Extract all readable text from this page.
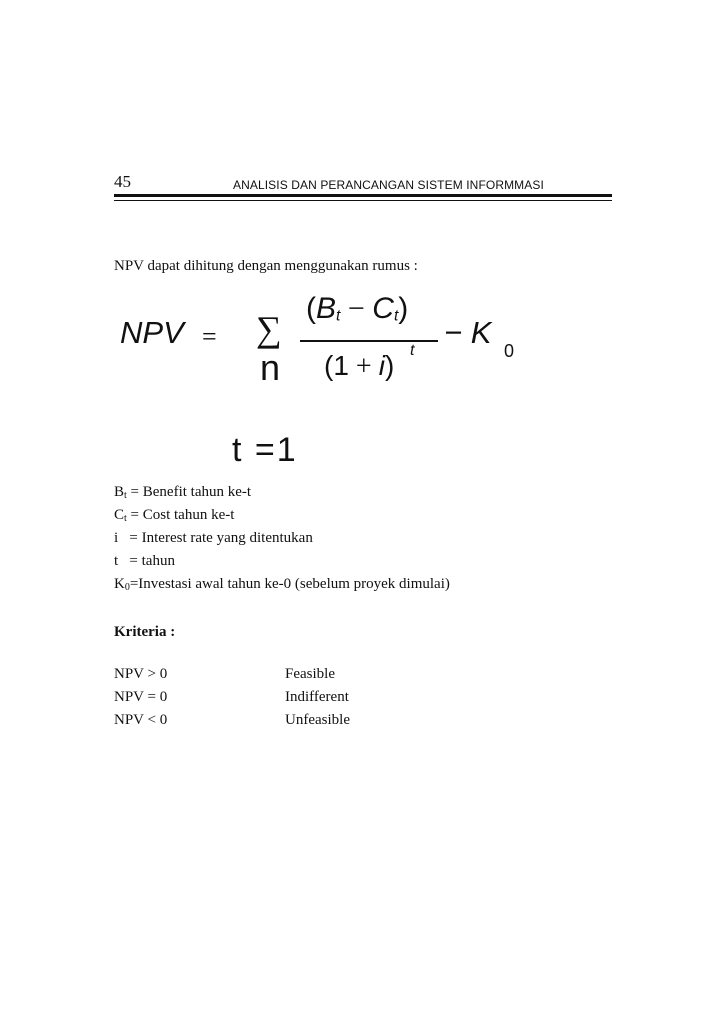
45	ANALISIS DAN PERANCANGAN SISTEM INFORMMASI
NPV dapat dihitung dengan menggunakan rumus :
NPV = ∑
n
$(B_t - C_t)$
(1 + i) t
− K
0
t =1
$B_t$ = Benefit tahun ke-t
$C_t$ = Cost tahun ke-t
i   = Interest rate yang ditentukan
t   = tahun
$K_0=Investasi$ awal tahun ke-0 (sebelum proyek dimulai)
Kriteria :
NPV > 0	Feasible
NPV = 0	Indifferent
NPV < 0	Unfeasible
